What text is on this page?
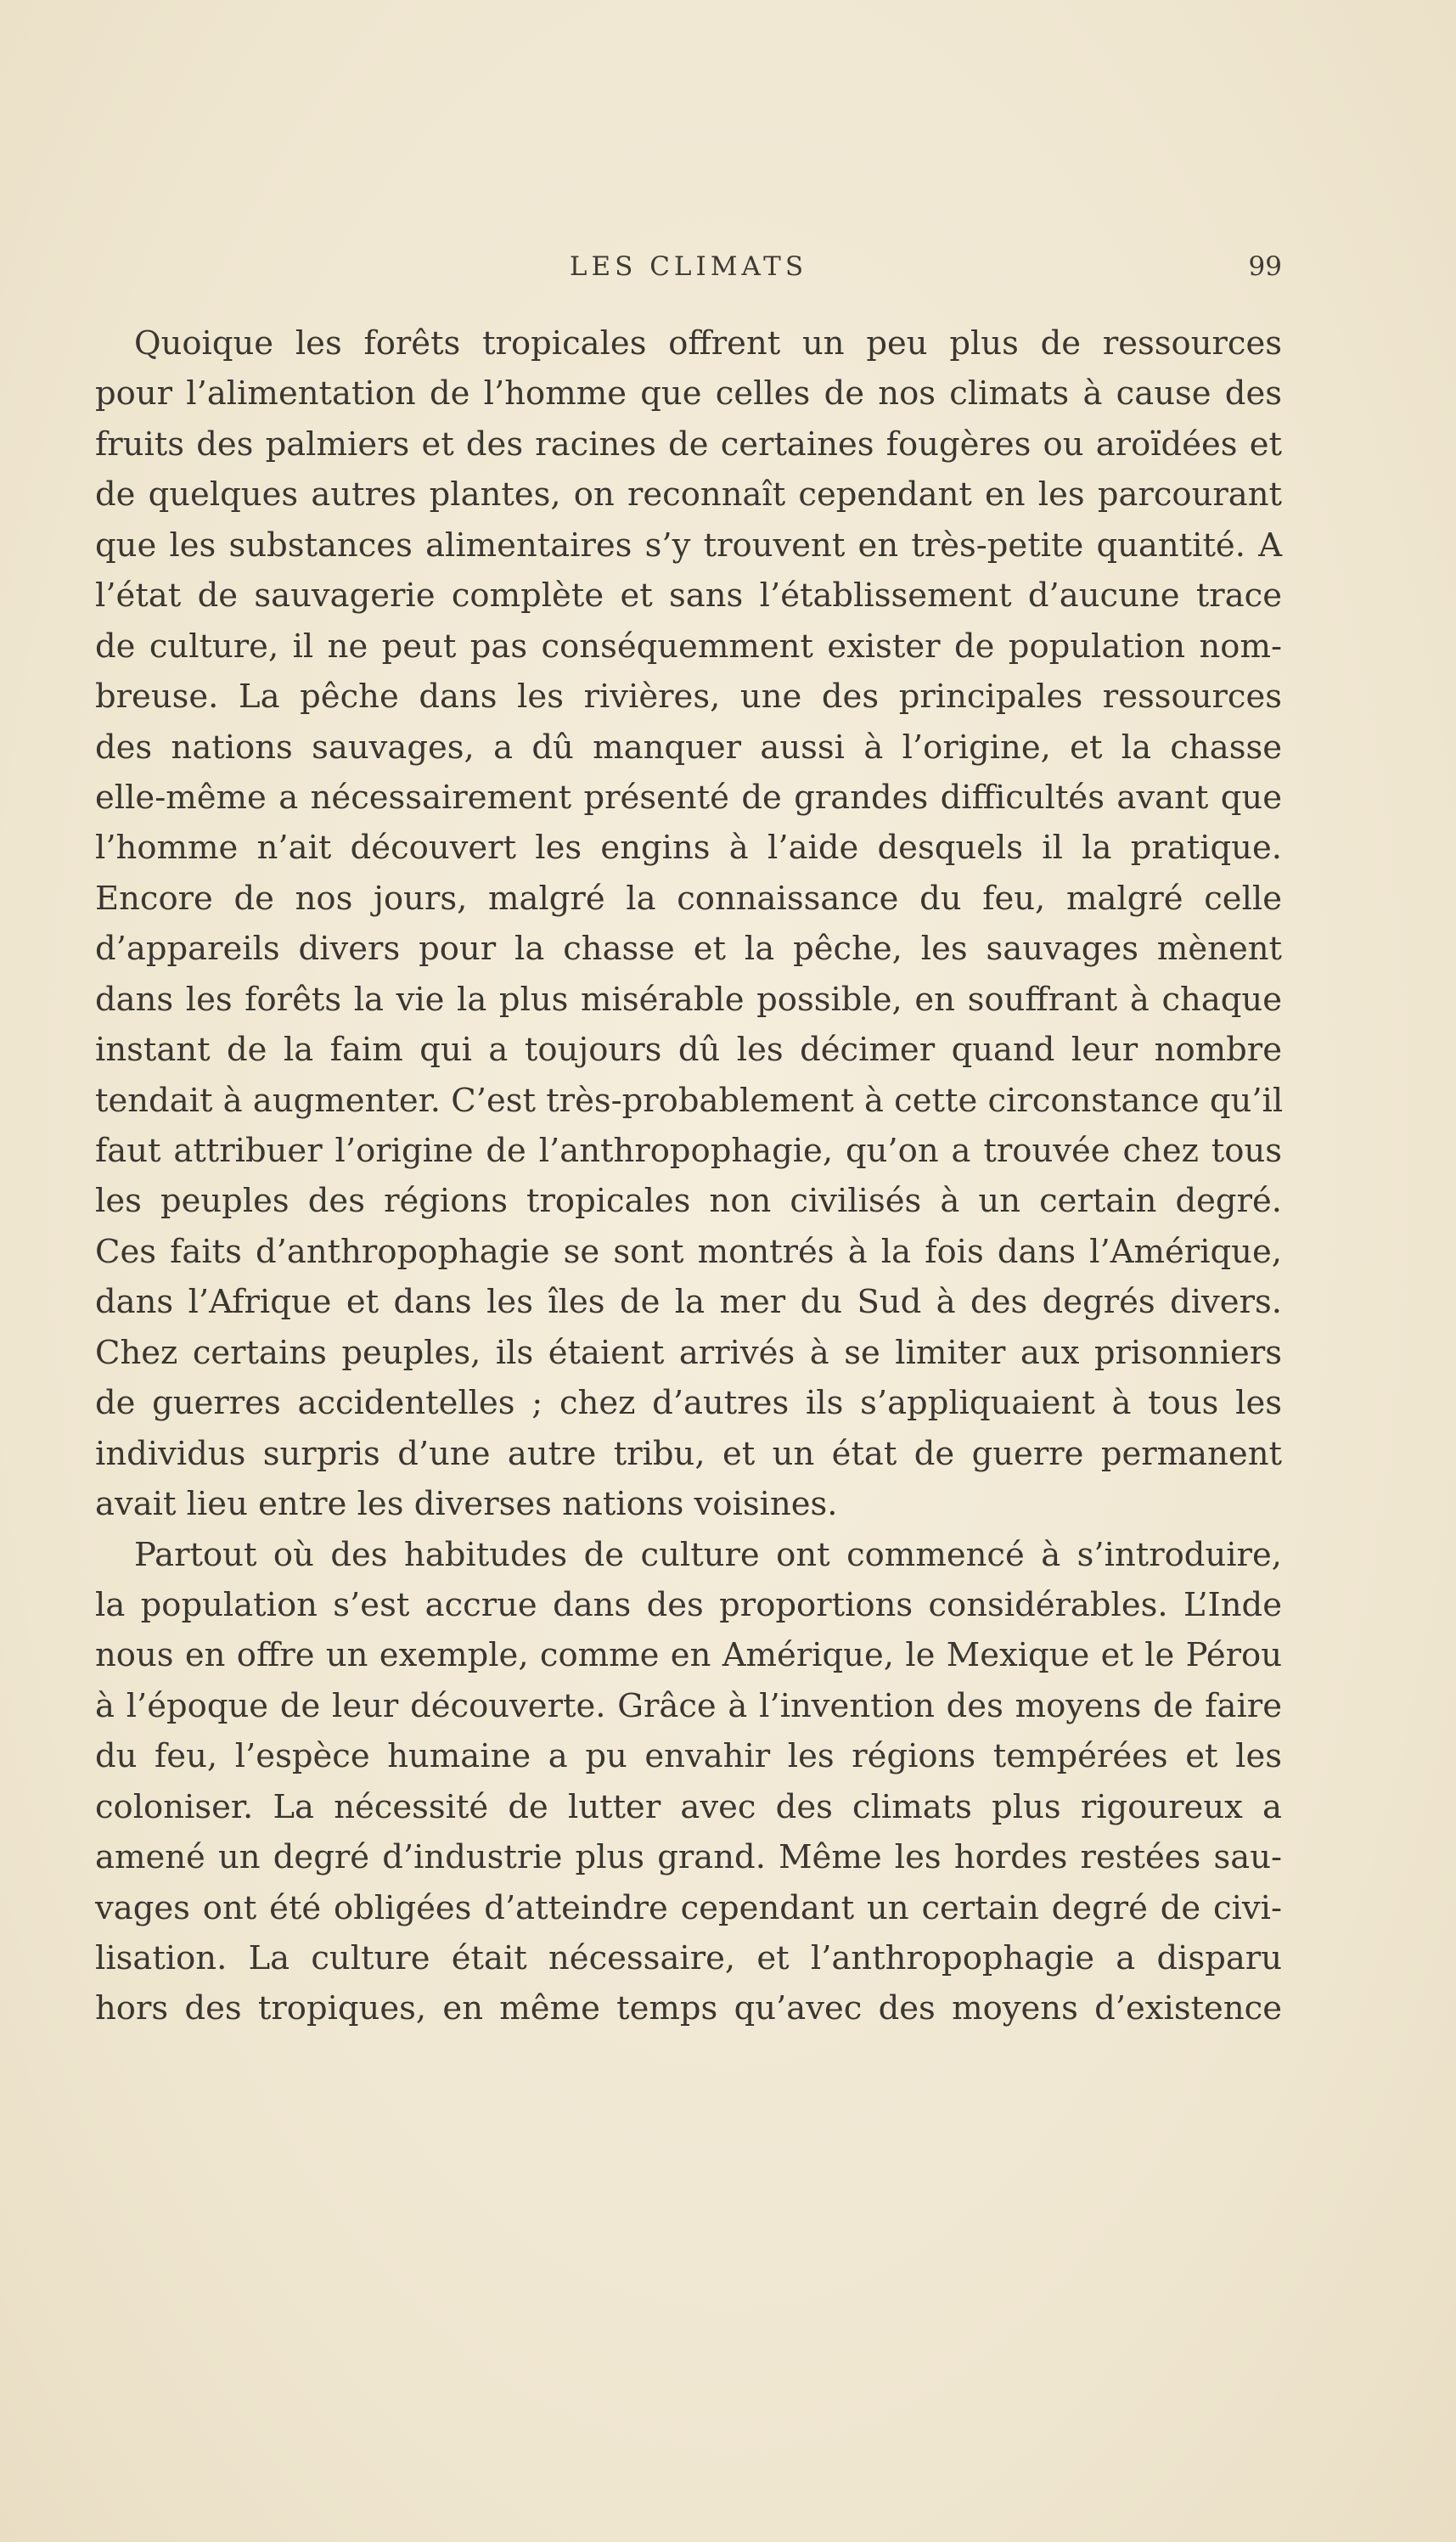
LES CLIMATS	99
Quoique les forêts tropicales offrent un peu plus de ressources
pour l’alimentation de l’homme que celles de nos climats à cause des
fruits des palmiers et des racines de certaines fougères ou aroïdées et
de quelques autres plantes, on reconnaît cependant en les parcourant
que les substances alimentaires s’y trouvent en très-petite quantité. A
l’état de sauvagerie complète et sans l’établissement d’aucune trace
de culture, il ne peut pas conséquemment exister de population nom-
breuse. La pêche dans les rivières, une des principales ressources
des nations sauvages, a dû manquer aussi à l’origine, et la chasse
elle-même a nécessairement présenté de grandes difficultés avant que
l’homme n’ait découvert les engins à l’aide desquels il la pratique.
Encore de nos jours, malgré la connaissance du feu, malgré celle
d’appareils divers pour la chasse et la pêche, les sauvages mènent
dans les forêts la vie la plus misérable possible, en souffrant à chaque
instant de la faim qui a toujours dû les décimer quand leur nombre
tendait à augmenter. C’est très-probablement à cette circonstance qu’il
faut attribuer l’origine de l’anthropophagie, qu’on a trouvée chez tous
les peuples des régions tropicales non civilisés à un certain degré.
Ces faits d’anthropophagie se sont montrés à la fois dans l’Amérique,
dans l’Afrique et dans les îles de la mer du Sud à des degrés divers.
Chez certains peuples, ils étaient arrivés à se limiter aux prisonniers
de guerres accidentelles ; chez d’autres ils s’appliquaient à tous les
individus surpris d’une autre tribu, et un état de guerre permanent
avait lieu entre les diverses nations voisines.
Partout où des habitudes de culture ont commencé à s’introduire,
la population s’est accrue dans des proportions considérables. L’Inde
nous en offre un exemple, comme en Amérique, le Mexique et le Pérou
à l’époque de leur découverte. Grâce à l’invention des moyens de faire
du feu, l’espèce humaine a pu envahir les régions tempérées et les
coloniser. La nécessité de lutter avec des climats plus rigoureux a
amené un degré d’industrie plus grand. Même les hordes restées sau-
vages ont été obligées d’atteindre cependant un certain degré de civi-
lisation. La culture était nécessaire, et l’anthropophagie a disparu
hors des tropiques, en même temps qu’avec des moyens d’existence
